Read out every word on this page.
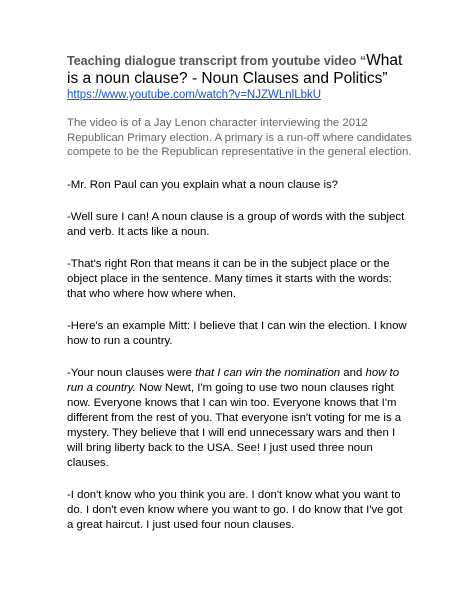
Teaching dialogue transcript from youtube video “What is a noun clause? - Noun Clauses and Politics”
https://www.youtube.com/watch?v=NJZWLnlLbkU

The video is of a Jay Lenon character interviewing the 2012 Republican Primary election. A primary is a run-off where candidates compete to be the Republican representative in the general election.

-Mr. Ron Paul can you explain what a noun clause is?

-Well sure I can! A noun clause is a group of words with the subject and verb. It acts like a noun.

-That's right Ron that means it can be in the subject place or the object place in the sentence. Many times it starts with the words: that who where how where when.

-Here's an example Mitt: I believe that I can win the election. I know how to run a country.

-Your noun clauses were that I can win the nomination and how to run a country. Now Newt, I'm going to use two noun clauses right now. Everyone knows that I can win too. Everyone knows that I'm different from the rest of you. That everyone isn't voting for me is a mystery. They believe that I will end unnecessary wars and then I will bring liberty back to the USA. See! I just used three noun clauses.

-I don't know who you think you are. I don't know what you want to do. I don't even know where you want to go. I do know that I've got a great haircut. I just used four noun clauses.
